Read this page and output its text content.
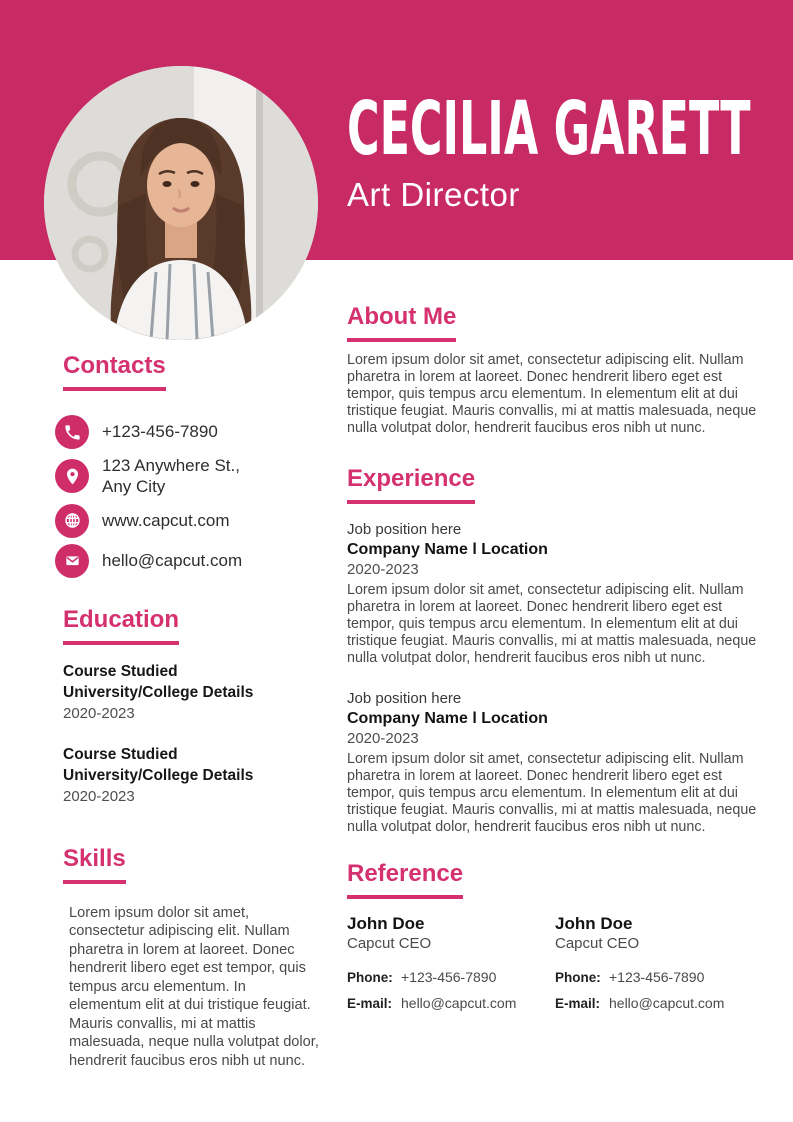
CECILIA GARETT
Art Director
Contacts
+123-456-7890
123 Anywhere St., Any City
www.capcut.com
hello@capcut.com
Education
Course Studied
University/College Details
2020-2023
Course Studied
University/College Details
2020-2023
Skills

Lorem ipsum dolor sit amet, consectetur adipiscing elit. Nullam pharetra in lorem at laoreet. Donec hendrerit libero eget est tempor, quis tempus arcu elementum. In elementum elit at dui tristique feugiat. Mauris convallis, mi at mattis malesuada, neque nulla volutpat dolor, hendrerit faucibus eros nibh ut nunc.

About Me

Lorem ipsum dolor sit amet, consectetur adipiscing elit. Nullam pharetra in lorem at laoreet. Donec hendrerit libero eget est tempor, quis tempus arcu elementum. In elementum elit at dui tristique feugiat. Mauris convallis, mi at mattis malesuada, neque nulla volutpat dolor, hendrerit faucibus eros nibh ut nunc.

Experience
Job position here
Company Name l Location
2020-2023

Lorem ipsum dolor sit amet, consectetur adipiscing elit. Nullam pharetra in lorem at laoreet. Donec hendrerit libero eget est tempor, quis tempus arcu elementum. In elementum elit at dui tristique feugiat. Mauris convallis, mi at mattis malesuada, neque nulla volutpat dolor, hendrerit faucibus eros nibh ut nunc.

Job position here
Company Name l Location
2020-2023

Lorem ipsum dolor sit amet, consectetur adipiscing elit. Nullam pharetra in lorem at laoreet. Donec hendrerit libero eget est tempor, quis tempus arcu elementum. In elementum elit at dui tristique feugiat. Mauris convallis, mi at mattis malesuada, neque nulla volutpat dolor, hendrerit faucibus eros nibh ut nunc.

Reference
John Doe
Capcut CEO
Phone: +123-456-7890
E-mail: hello@capcut.com
John Doe
Capcut CEO
Phone: +123-456-7890
E-mail: hello@capcut.com
